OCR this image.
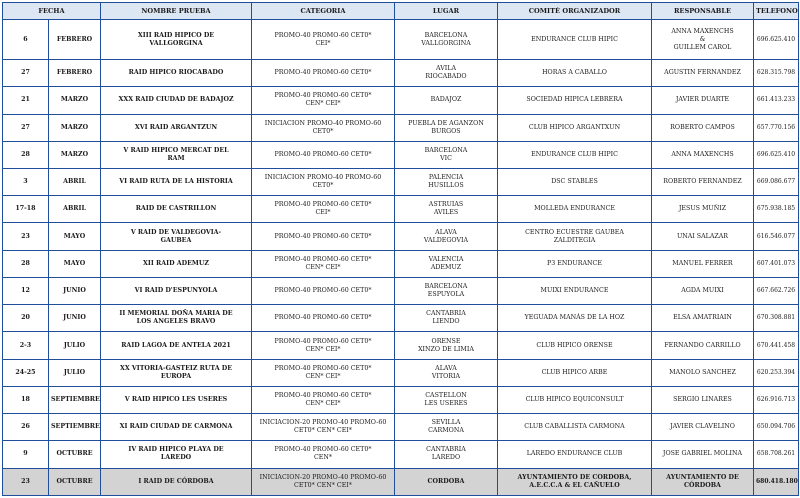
FECHA		NOMBRE PRUEBA	CATEGORIA	LUGAR	COMITÉ ORGANIZADOR	RESPONSABLE	TELEFONO
6	FEBRERO	XIII RAID HIPICO DE
VALLGORGINA	PROMO-40 PROMO-60 CET0*
CEI*	BARCELONA
VALLGORGINA	ENDURANCE CLUB HIPIC	ANNA MAXENCHS
&
GUILLEM CAROL	696.625.410
27	FEBRERO	RAID HIPICO RIOCABADO	PROMO-40 PROMO-60 CET0*	AVILA
RIOCABADO	HORAS A CABALLO	AGUSTIN FERNANDEZ	628.315.798
21	MARZO	XXX RAID CIUDAD DE BADAJOZ	PROMO-40 PROMO-60 CET0*
CEN* CEI*	BADAJOZ	SOCIEDAD HIPICA LEBRERA	JAVIER DUARTE	661.413.233
27	MARZO	XVI RAID ARGANTZUN	INICIACION PROMO-40 PROMO-60
CET0*	PUEBLA DE AGANZON
BURGOS	CLUB HIPICO ARGANTXUN	ROBERTO CAMPOS	657.770.156
28	MARZO	V RAID HIPICO MERCAT DEL
RAM	PROMO-40 PROMO-60 CET0*	BARCELONA
VIC	ENDURANCE CLUB HIPIC	ANNA MAXENCHS	696.625.410
3	ABRIL	VI RAID RUTA DE LA HISTORIA	INICIACION PROMO-40 PROMO-60
CET0*	PALENCIA
HUSILLOS	DSC STABLES	ROBERTO FERNANDEZ	669.086.677
17-18	ABRIL	RAID DE CASTRILLON	PROMO-40 PROMO-60 CET0*
CEI*	ASTRUIAS
AVILES	MOLLEDA ENDURANCE	JESUS MUÑIZ	675.938.185
23	MAYO	V RAID DE VALDEGOVIA-
GAUBEA	PROMO-40 PROMO-60 CET0*	ALAVA
VALDEGOVIA	CENTRO ECUESTRE GAUBEA
ZALDITEGIA	UNAI SALAZAR	616.546.077
28	MAYO	XII RAID ADEMUZ	PROMO-40 PROMO-60 CET0*
CEN* CEI*	VALENCIA
ADEMUZ	P3 ENDURANCE	MANUEL FERRER	607.401.073
12	JUNIO	VI RAID D'ESPUNYOLA	PROMO-40 PROMO-60 CET0*	BARCELONA
ESPUYOLA	MUIXI ENDURANCE	AGDA MUIXI	667.662.726
20	JUNIO	II MEMORIAL DOÑA MARIA DE
LOS ANGELES BRAVO	PROMO-40 PROMO-60 CET0*	CANTABRIA
LIENDO	YEGUADA MANÁS DE LA HOZ	ELSA AMATRIAIN	670.308.881
2-3	JULIO	RAID LAGOA DE ANTELA 2021	PROMO-40 PROMO-60 CET0*
CEN* CEI*	ORENSE
XINZO DE LIMIA	CLUB HIPICO ORENSE	FERNANDO CARRILLO	670.441.458
24-25	JULIO	XX VITORIA-GASTEIZ RUTA DE
EUROPA	PROMO-40 PROMO-60 CET0*
CEN* CEI*	ALAVA
VITORIA	CLUB HIPICO ARBE	MANOLO SANCHEZ	620.253.394
18	SEPTIEMBRE	V RAID HIPICO LES USERES	PROMO-40 PROMO-60 CET0*
CEN* CEI*	CASTELLON
LES USERES	CLUB HIPICO EQUICONSULT	SERGIO LINARES	626.916.713
26	SEPTIEMBRE	XI RAID CIUDAD DE CARMONA	INICIACION-20 PROMO-40 PROMO-60
CET0* CEN* CEI*	SEVILLA
CARMONA	CLUB CABALLISTA CARMONA	JAVIER CLAVELINO	650.094.706
9	OCTUBRE	IV RAID HIPICO PLAYA DE
LAREDO	PROMO-40 PROMO-60 CET0*
CEN*	CANTABRIA
LAREDO	LAREDO ENDURANCE CLUB	JOSE GABRIEL MOLINA	658.708.261
23	OCTUBRE	I RAID DE CÓRDOBA	INICIACION-20 PROMO-40 PROMO-60
CET0* CEN* CEI*	CORDOBA	AYUNTAMIENTO DE CORDOBA,
A.E.C.C.A & EL CAÑUELO	AYUNTAMIENTO DE
CÓRDOBA	680.418.180
